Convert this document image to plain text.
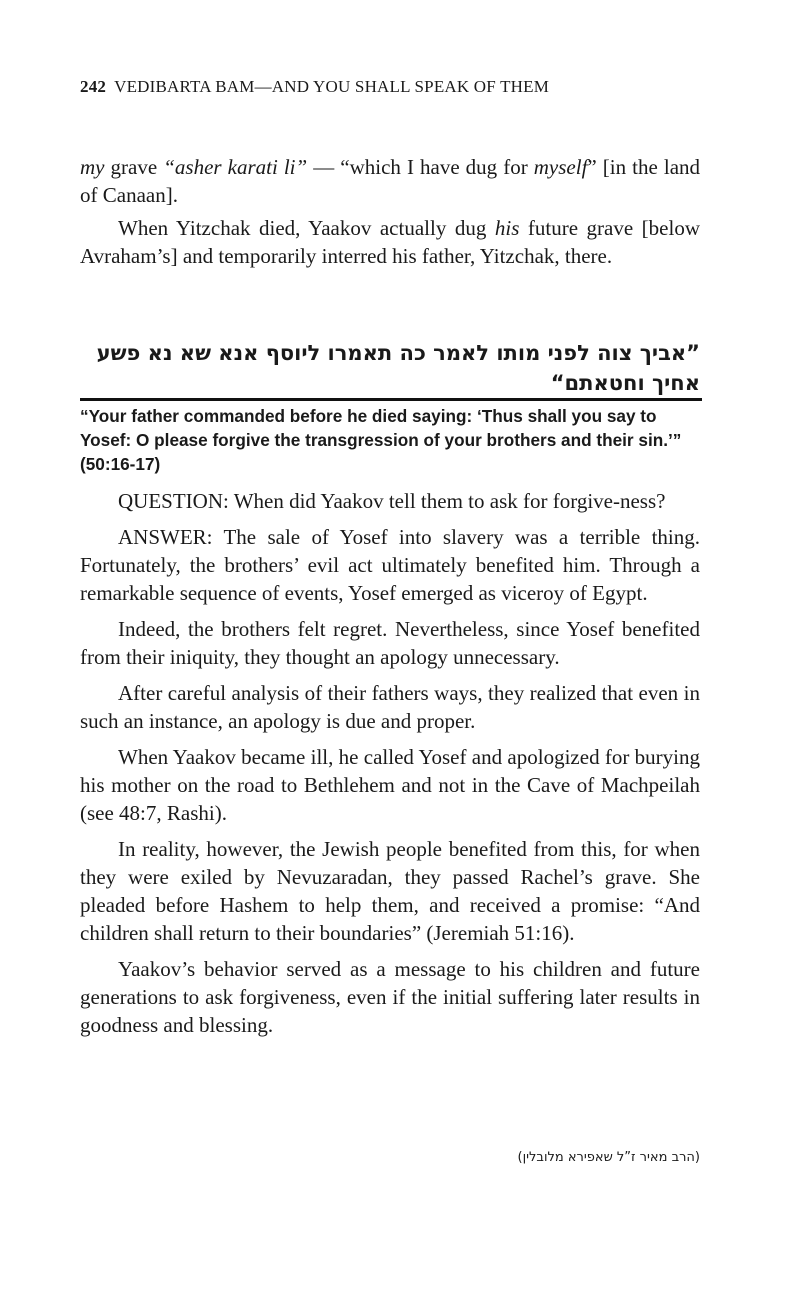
242 VEDIBARTA BAM—AND YOU SHALL SPEAK OF THEM
my grave “asher karati li” — “which I have dug for myself” [in the land of Canaan].

When Yitzchak died, Yaakov actually dug his future grave [below Avraham’s] and temporarily interred his father, Yitzchak, there.

”אביך צוה לפני מותו לאמר כה תאמרו ליוסף אנא שא נא פשע
אחיך וחטאתם“
“Your father commanded before he died saying: ‘Thus shall you say to Yosef: O please forgive the transgression of your brothers and their sin.’” (50:16-17)

QUESTION: When did Yaakov tell them to ask for forgive-ness?

ANSWER: The sale of Yosef into slavery was a terrible thing. Fortunately, the brothers’ evil act ultimately benefited him. Through a remarkable sequence of events, Yosef emerged as viceroy of Egypt.

Indeed, the brothers felt regret. Nevertheless, since Yosef benefited from their iniquity, they thought an apology unnecessary.

After careful analysis of their fathers ways, they realized that even in such an instance, an apology is due and proper.

When Yaakov became ill, he called Yosef and apologized for burying his mother on the road to Bethlehem and not in the Cave of Machpeilah (see 48:7, Rashi).

In reality, however, the Jewish people benefited from this, for when they were exiled by Nevuzaradan, they passed Rachel’s grave. She pleaded before Hashem to help them, and received a promise: “And children shall return to their boundaries” (Jeremiah 51:16).

Yaakov’s behavior served as a message to his children and future generations to ask forgiveness, even if the initial suffering later results in goodness and blessing.

(הרב מאיר ז”ל שאפירא מלובלין)
